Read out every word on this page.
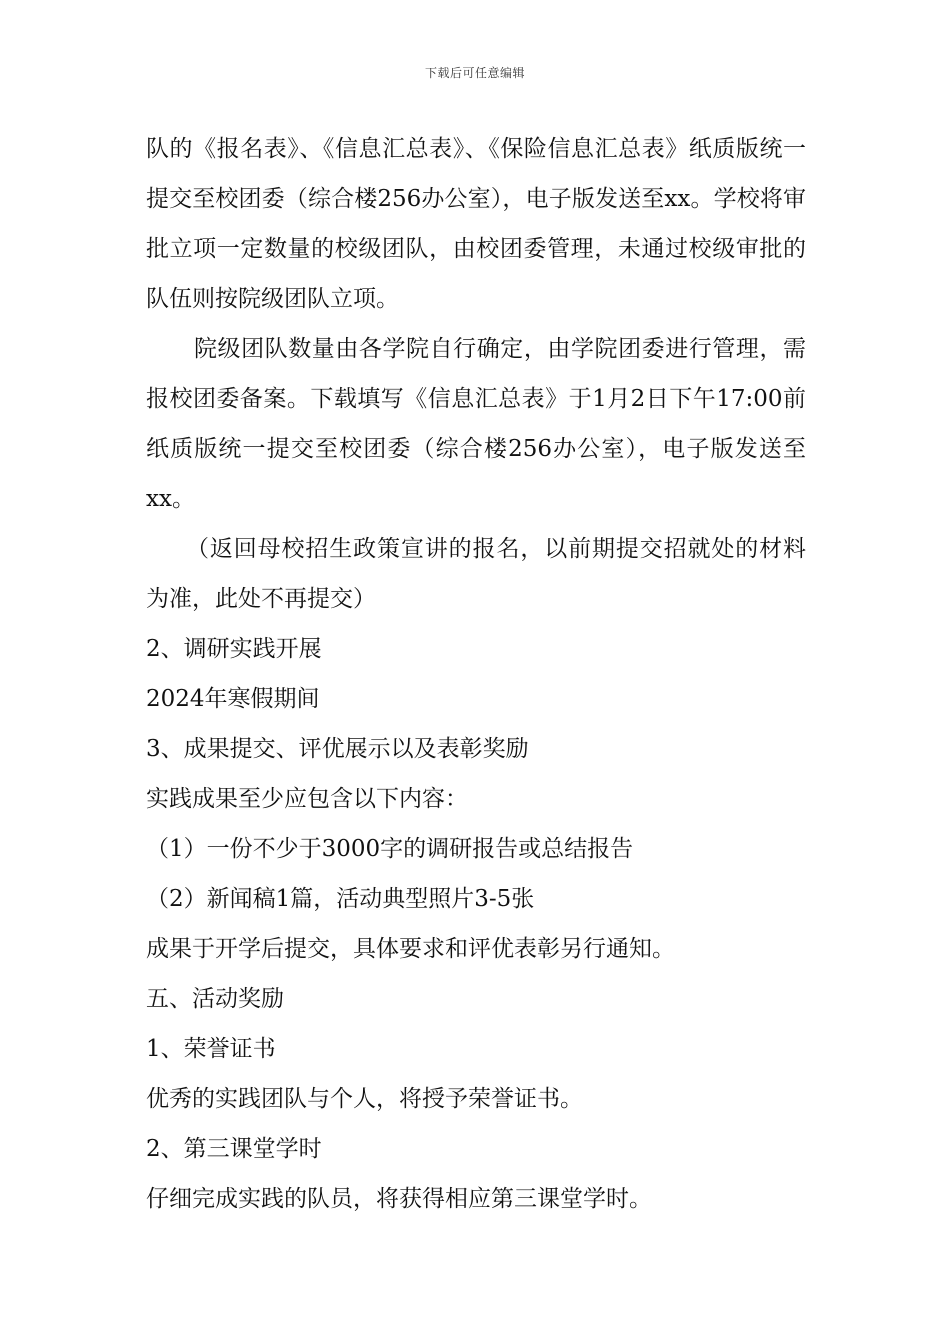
下载后可任意编辑

队的《报名表》、《信息汇总表》、《保险信息汇总表》纸质版统一提交至校团委（综合楼256办公室），电子版发送至xx。学校将审批立项一定数量的校级团队，由校团委管理，未通过校级审批的队伍则按院级团队立项。

院级团队数量由各学院自行确定，由学院团委进行管理，需报校团委备案。下载填写《信息汇总表》于1月2日下午17:00前纸质版统一提交至校团委（综合楼256办公室），电子版发送至xx。

（返回母校招生政策宣讲的报名，以前期提交招就处的材料为准，此处不再提交）

2、调研实践开展

2024年寒假期间

3、成果提交、评优展示以及表彰奖励

实践成果至少应包含以下内容：

（1）一份不少于3000字的调研报告或总结报告

（2）新闻稿1篇，活动典型照片3-5张

成果于开学后提交，具体要求和评优表彰另行通知。

五、活动奖励

1、荣誉证书

优秀的实践团队与个人，将授予荣誉证书。

2、第三课堂学时

仔细完成实践的队员，将获得相应第三课堂学时。
